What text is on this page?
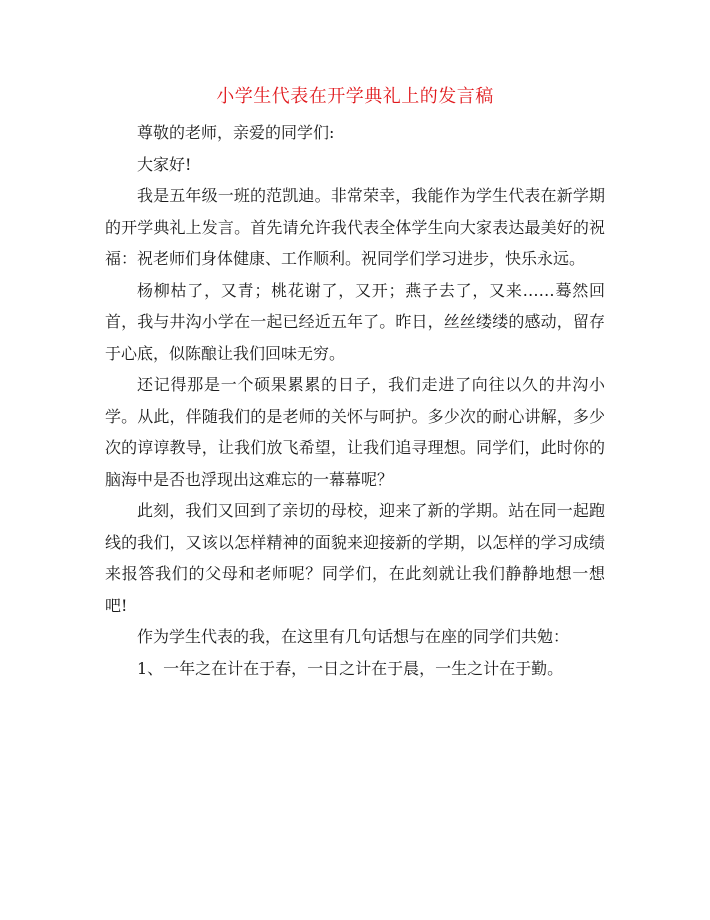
小学生代表在开学典礼上的发言稿

尊敬的老师，亲爱的同学们:

大家好!

我是五年级一班的范凯迪。非常荣幸，我能作为学生代表在新学期的开学典礼上发言。首先请允许我代表全体学生向大家表达最美好的祝福：祝老师们身体健康、工作顺利。祝同学们学习进步，快乐永远。

杨柳枯了，又青；桃花谢了，又开；燕子去了，又来……蓦然回首，我与井沟小学在一起已经近五年了。昨日，丝丝缕缕的感动，留存于心底，似陈酿让我们回味无穷。

还记得那是一个硕果累累的日子，我们走进了向往以久的井沟小学。从此，伴随我们的是老师的关怀与呵护。多少次的耐心讲解，多少次的谆谆教导，让我们放飞希望，让我们追寻理想。同学们，此时你的脑海中是否也浮现出这难忘的一幕幕呢？

此刻，我们又回到了亲切的母校，迎来了新的学期。站在同一起跑线的我们，又该以怎样精神的面貌来迎接新的学期，以怎样的学习成绩来报答我们的父母和老师呢？同学们，在此刻就让我们静静地想一想吧!

作为学生代表的我，在这里有几句话想与在座的同学们共勉：

1、一年之在计在于春，一日之计在于晨，一生之计在于勤。
